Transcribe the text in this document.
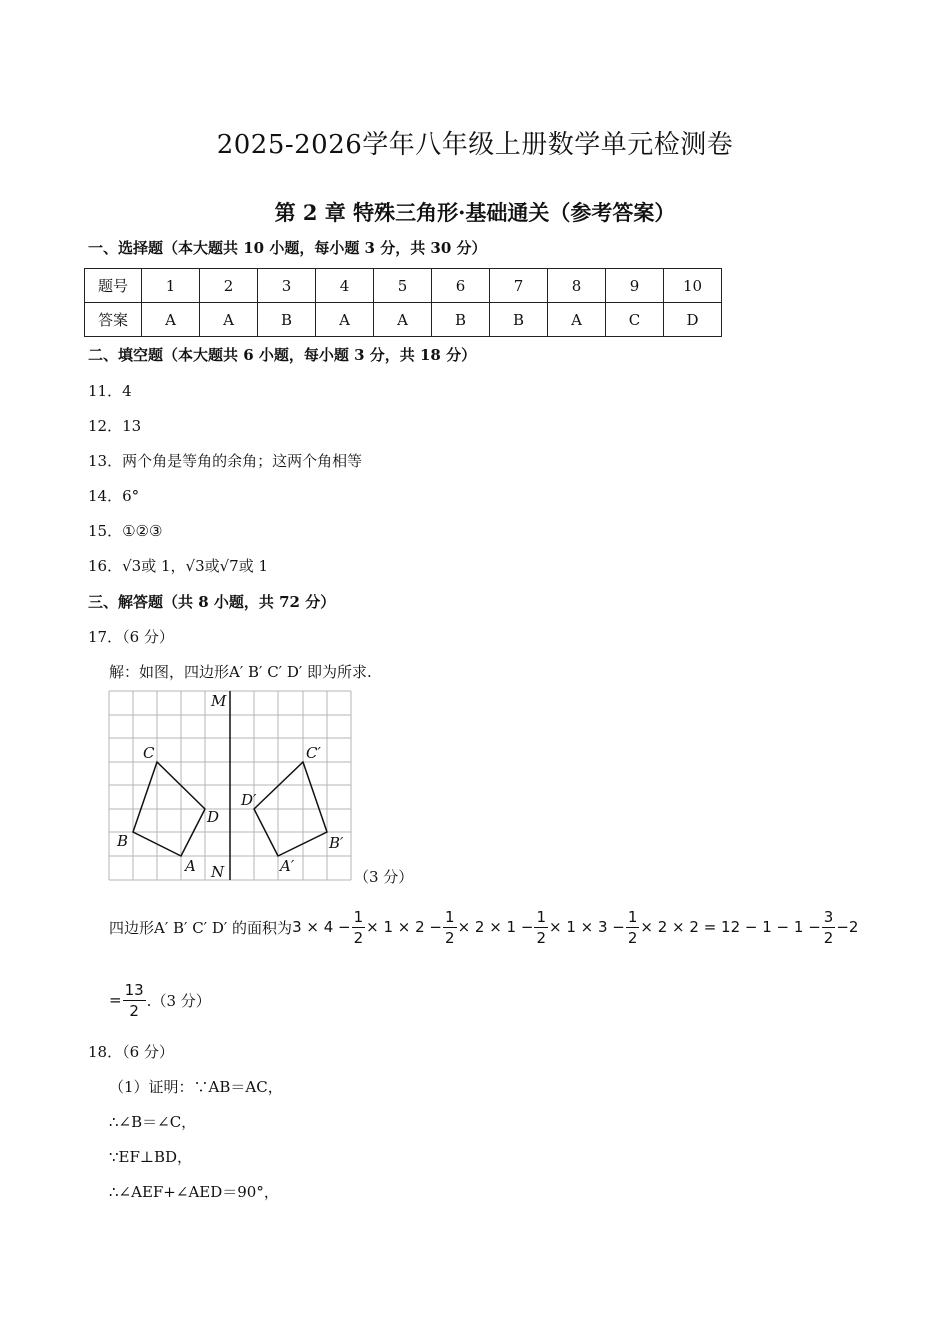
2025-2026学年八年级上册数学单元检测卷
第 2 章 特殊三角形·基础通关（参考答案）
一、选择题（本大题共 10 小题，每小题 3 分，共 30 分）
题号	1	2	3	4	5	6	7	8	9	10
答案	A	A	B	A	A	B	B	A	C	D
二、填空题（本大题共 6 小题，每小题 3 分，共 18 分）
11．4
12．13
13．两个角是等角的余角；这两个角相等
14．6°
15．①②③
16．√3或 1，√3或√7或 1
三、解答题（共 8 小题，共 72 分）
17．（6 分）
解：如图，四边形A′ B′ C′ D′ 即为所求.
M
N
A
B
C
D
A′
B′
C′
D′
（3 分）
四边形A′ B′ C′ D′ 的面积为 $3 \times 4 - \frac{1}{2} \times 1 \times 2 - \frac{1}{2} \times 2 \times 1 - \frac{1}{2} \times 1 \times 3 - \frac{1}{2} \times 2 \times 2 = 12 - 1 - 1 - \frac{3}{2} -2$
= $\frac{13}{2} .(3$ 分）
18．（6 分）
（1）证明：∵AB＝AC，
∴∠B＝∠C，
∵EF⊥BD，
∴∠AEF+∠AED＝90°，
